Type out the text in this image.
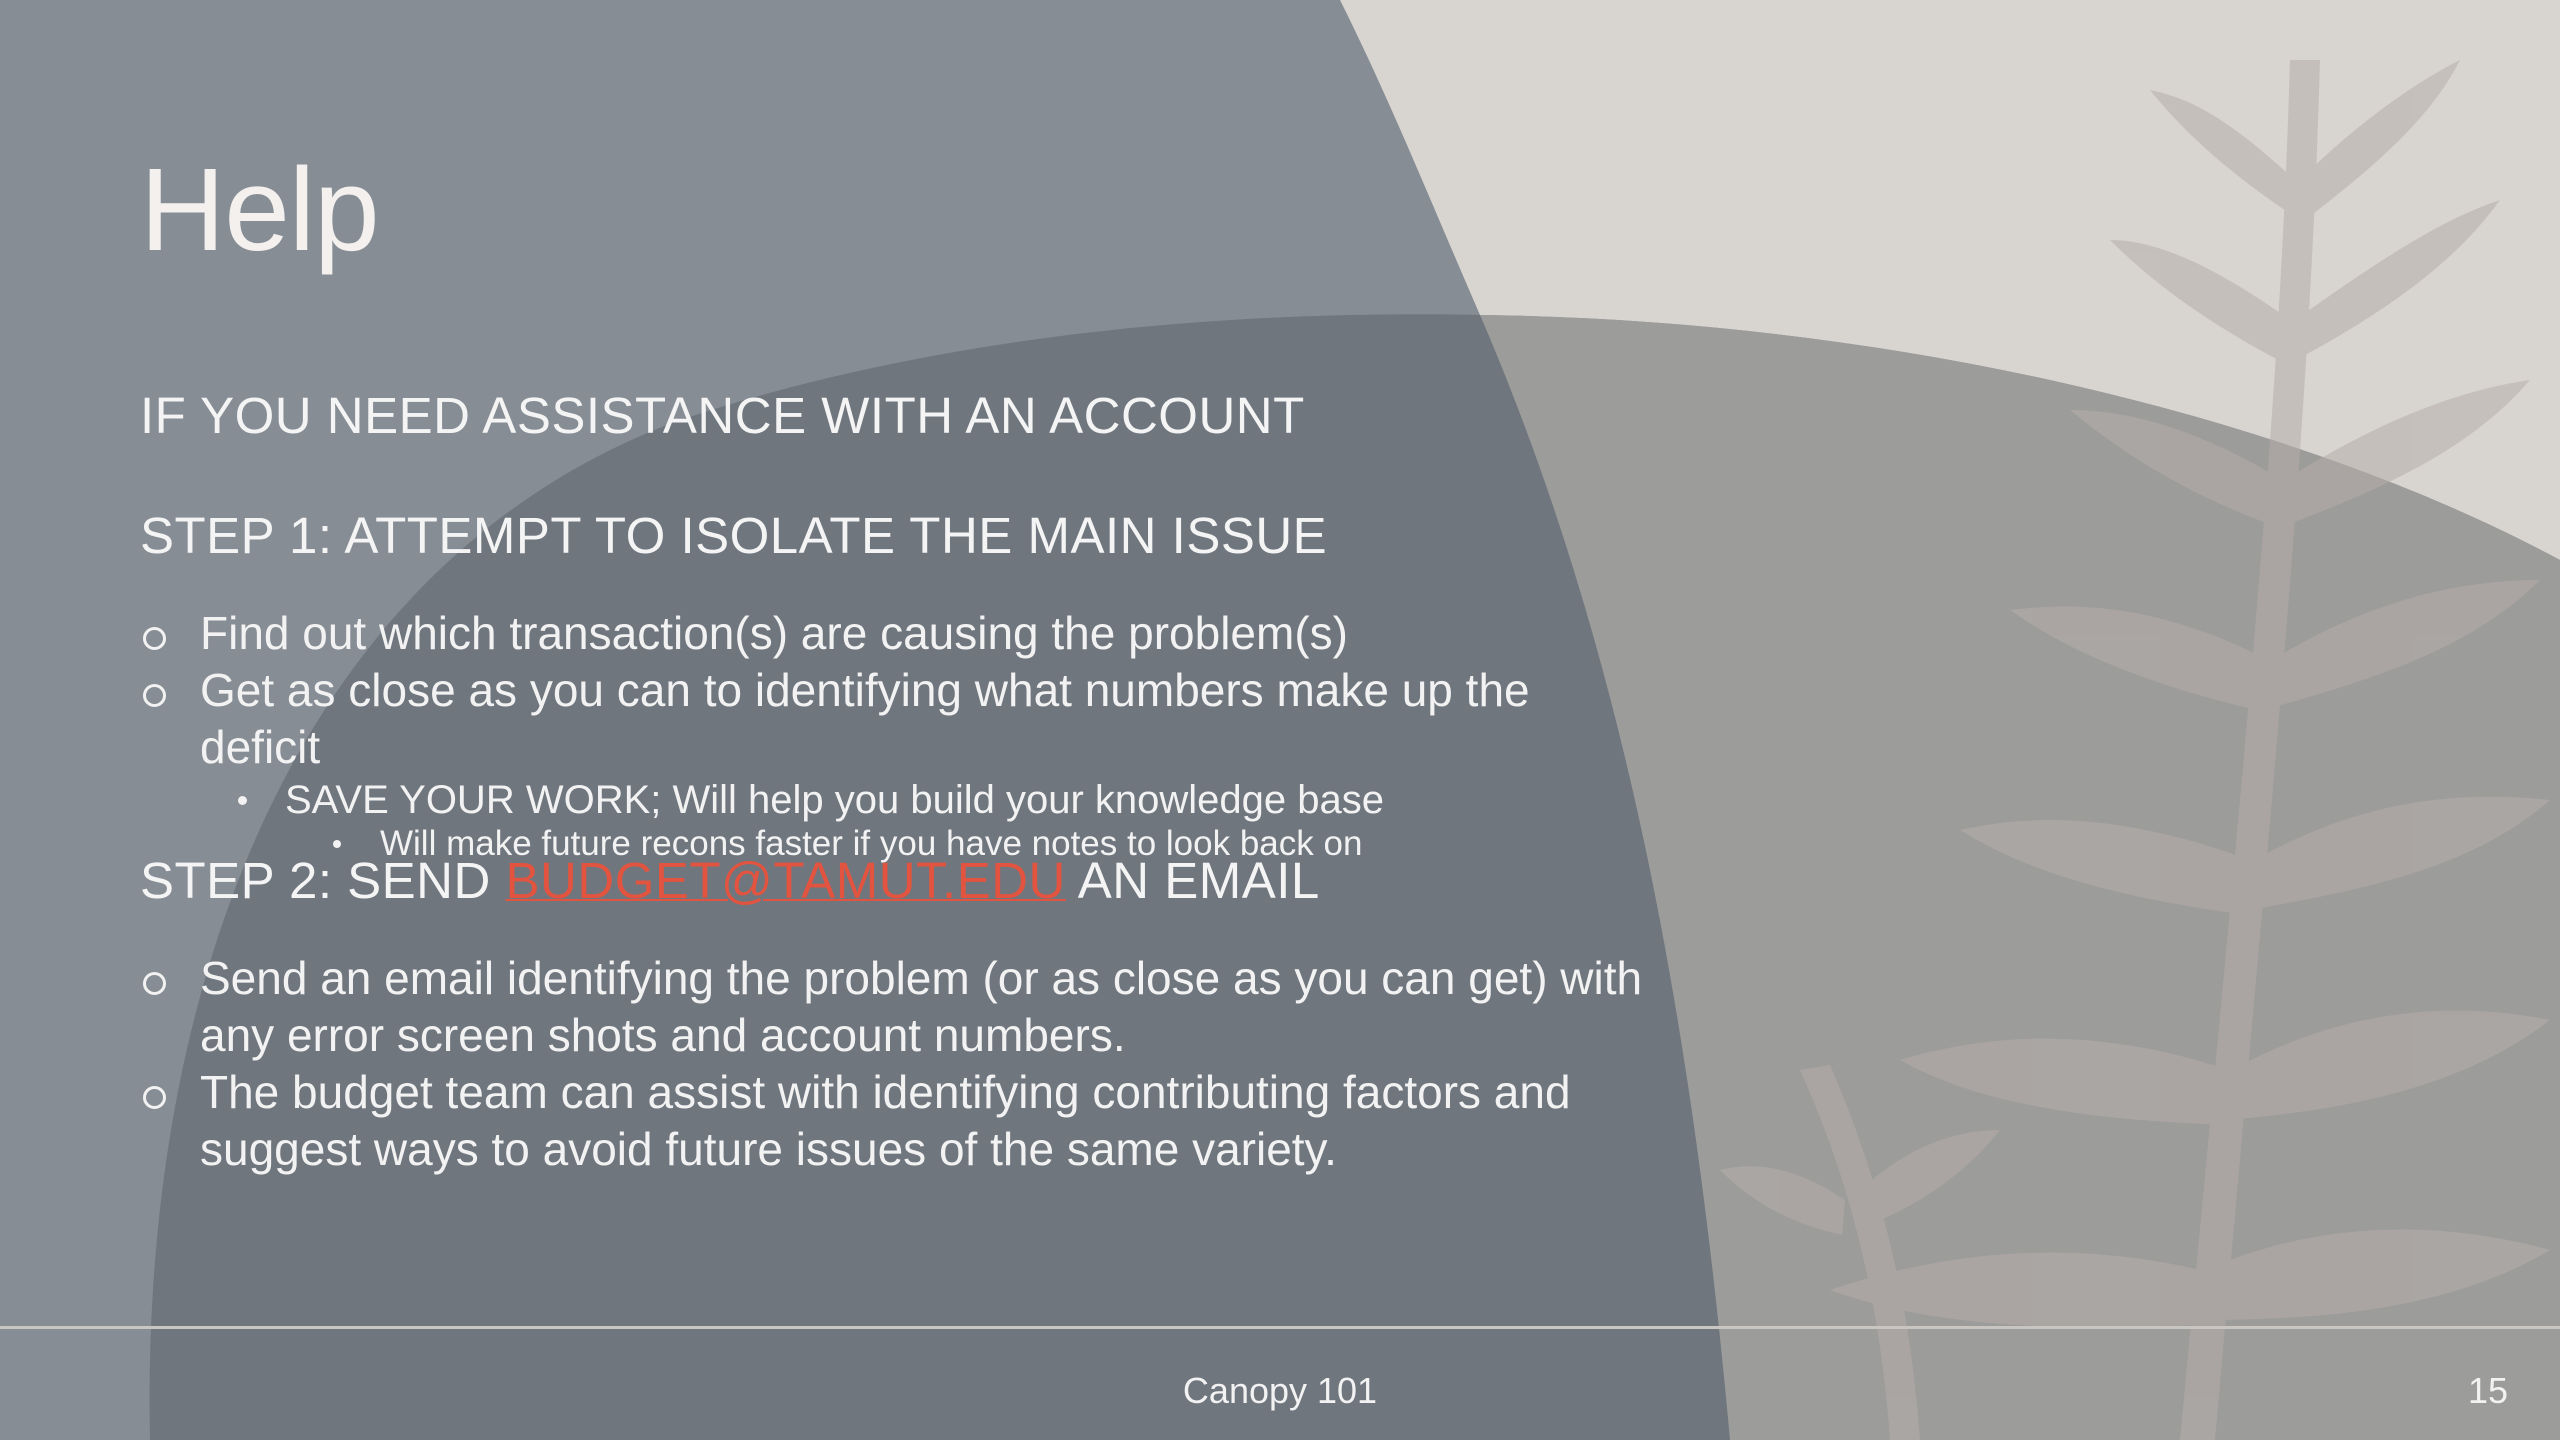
Help
IF YOU NEED ASSISTANCE WITH AN ACCOUNT
STEP 1: ATTEMPT TO ISOLATE THE MAIN ISSUE
Find out which transaction(s) are causing the problem(s)
Get as close as you can to identifying what numbers make up the deficit
SAVE YOUR WORK; Will help you build your knowledge base
Will make future recons faster if you have notes to look back on
STEP 2: SEND BUDGET@TAMUT.EDU AN EMAIL
Send an email identifying the problem (or as close as you can get) with any error screen shots and account numbers.
The budget team can assist with identifying contributing factors and suggest ways to avoid future issues of the same variety.
Canopy 101	15
